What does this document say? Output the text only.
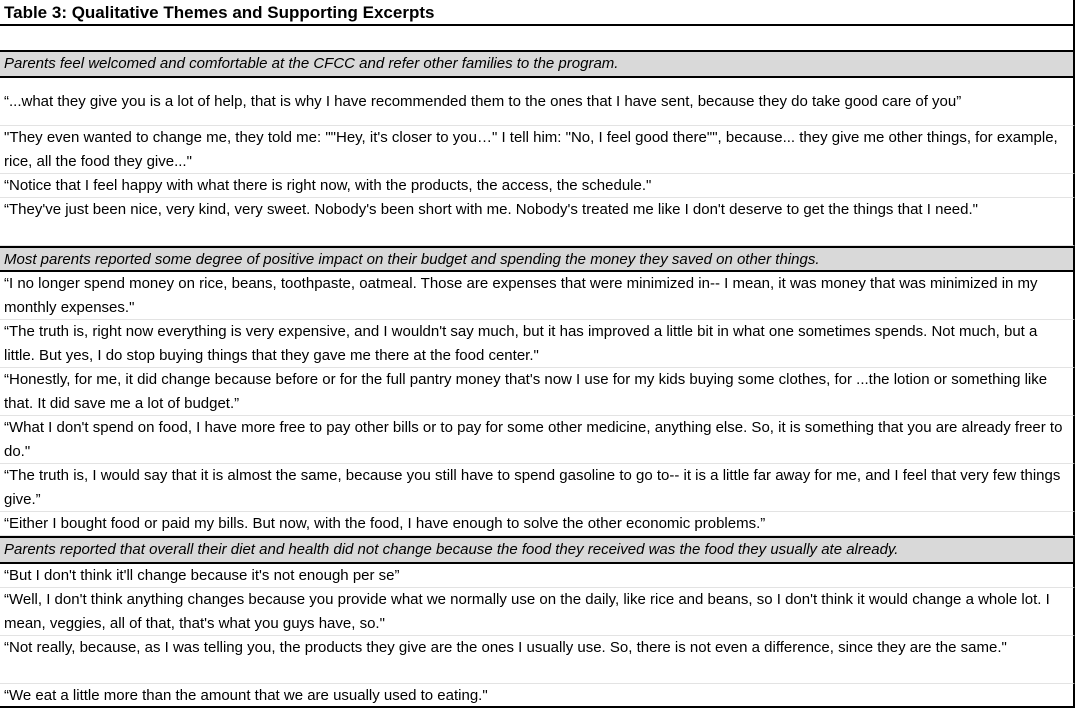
Table 3: Qualitative Themes and Supporting Excerpts
Parents feel welcomed and comfortable at the CFCC and refer other families to the program.
“...what they give you is a lot of help, that is why I have recommended them to the ones that I have sent, because they do take good care of you”
"They even wanted to change me, they told me: ""Hey, it's closer to you…" I tell him: "No, I feel good there"", because... they give me other things, for example, rice, all the food they give..."
“Notice that I feel happy with what there is right now, with the products, the access, the schedule."
“They've just been nice, very kind, very sweet. Nobody's been short with me. Nobody's treated me like I don't deserve to get the things that I need."
Most parents reported some degree of positive impact on their budget and spending the money they saved on other things.
“I no longer spend money on rice, beans, toothpaste, oatmeal. Those are expenses that were minimized in-- I mean, it was money that was minimized in my monthly expenses."
“The truth is, right now everything is very expensive, and I wouldn't say much, but it has improved a little bit in what one sometimes spends. Not much, but a little. But yes, I do stop buying things that they gave me there at the food center."
“Honestly, for me, it did change because before or for the full pantry money that's now I use for my kids buying some clothes, for ...the lotion or something like that. It did save me a lot of budget.”
“What I don't spend on food, I have more free to pay other bills or to pay for some other medicine, anything else. So, it is something that you are already freer to do."
“The truth is, I would say that it is almost the same, because you still have to spend gasoline to go to-- it is a little far away for me, and I feel that very few things give.”
“Either I bought food or paid my bills. But now, with the food, I have enough to solve the other economic problems.”
Parents reported that overall their diet and health did not change because the food they received was the food they usually ate already.
“But I don't think it'll change because it's not enough per se”
“Well, I don't think anything changes because you provide what we normally use on the daily, like rice and beans, so I don't think it would change a whole lot. I mean, veggies, all of that, that's what you guys have, so."
“Not really, because, as I was telling you, the products they give are the ones I usually use. So, there is not even a difference, since they are the same."
“We eat a little more than the amount that we are usually used to eating."
